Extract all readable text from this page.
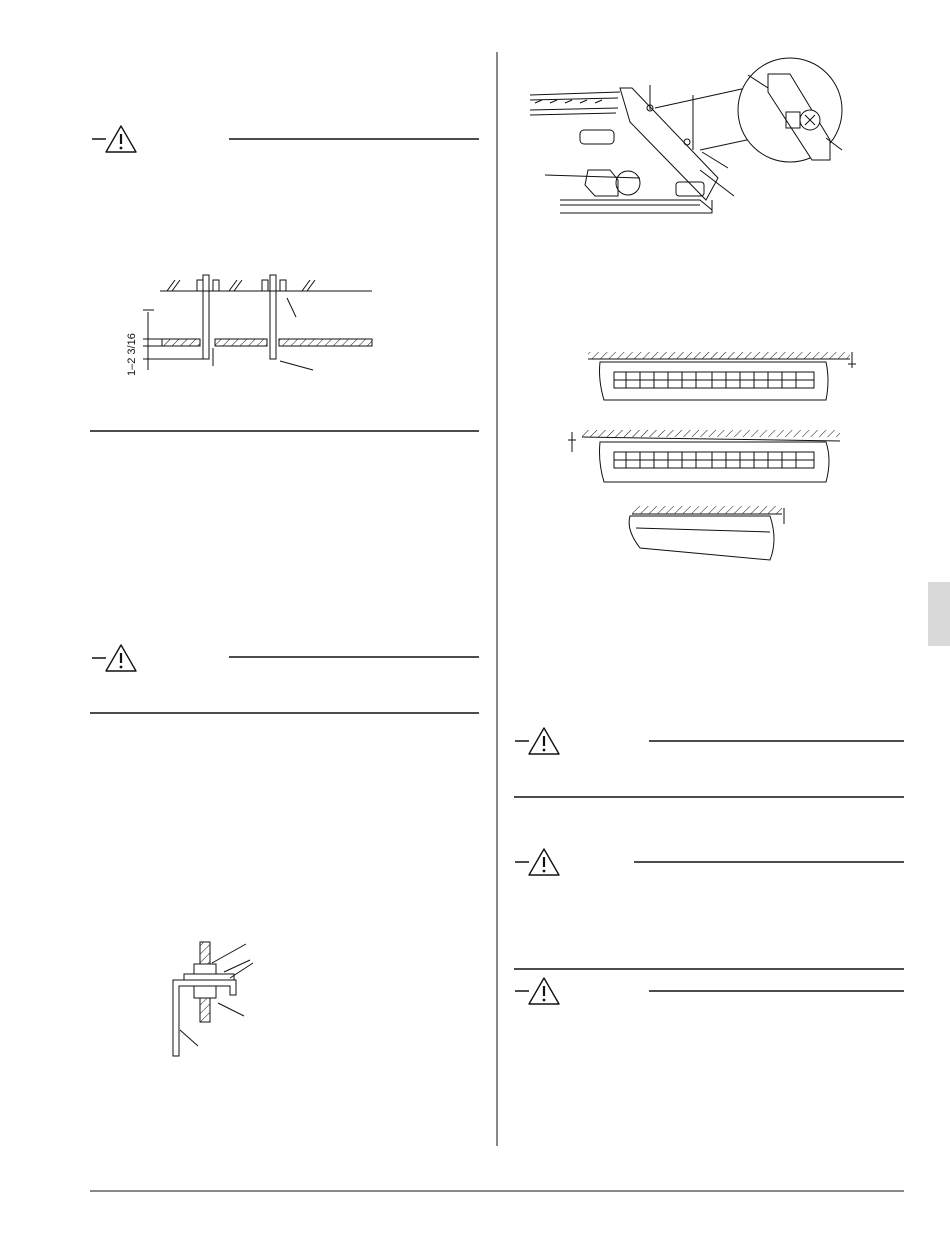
1–2 3/16
